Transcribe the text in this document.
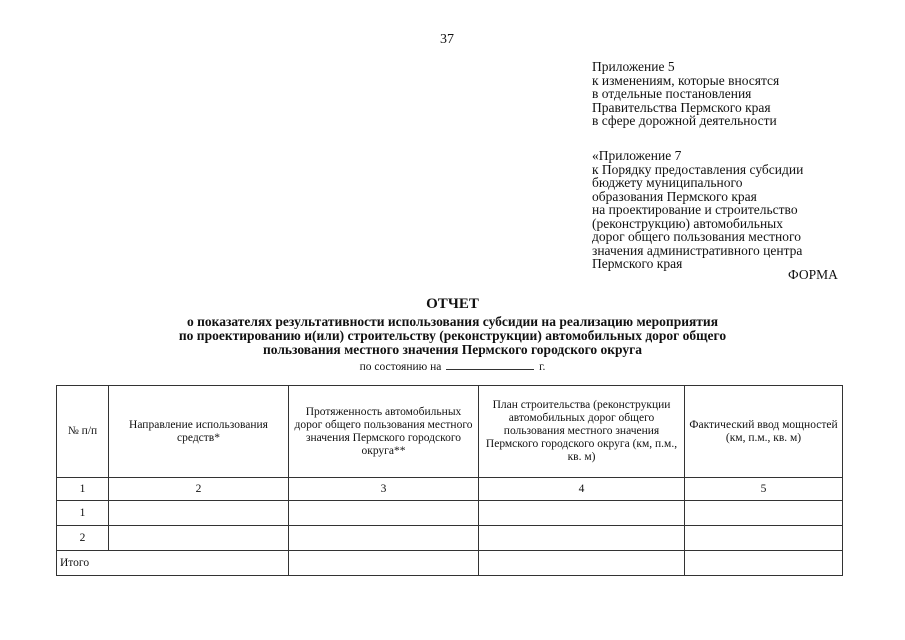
37
Приложение 5
к изменениям, которые вносятся
в отдельные постановления
Правительства Пермского края
в сфере дорожной деятельности
«Приложение 7
к Порядку предоставления субсидии
бюджету муниципального
образования Пермского края
на проектирование и строительство
(реконструкцию) автомобильных
дорог общего пользования местного
значения административного центра
Пермского края
ФОРМА
ОТЧЕТ
о показателях результативности использования субсидии на реализацию мероприятия
по проектированию и(или) строительству (реконструкции) автомобильных дорог общего
пользования местного значения Пермского городского округа
по состоянию на	г.
№ п/п	Направление использования средств*	Протяженность автомобильных дорог общего пользования местного значения Пермского городского округа**	План строительства (реконструкции автомобильных дорог общего пользования местного значения Пермского городского округа (км, п.м., кв. м)	Фактический ввод мощностей (км, п.м., кв. м)
1	2	3	4	5
1				
2				
Итого				
